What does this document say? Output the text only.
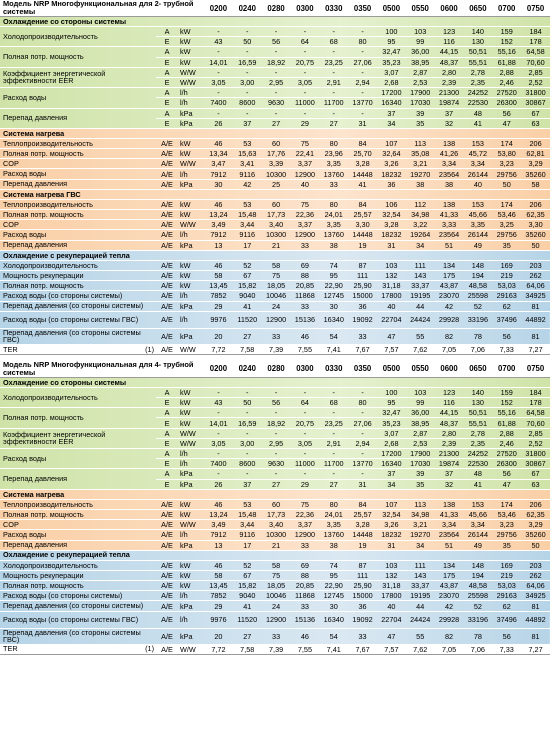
Модель NRP Многофункциональная для 2- трубной системы			0200	0240	0280	0300	0330	0350	0500	0550	0600	0650	0700	0750
Охлаждение со стороны системы														
Холодопроизводительность	A	kW	-	-	-	-	-	-	100	103	123	140	159	184
	E	kW	43	50	56	64	68	80	95	99	116	130	152	178
Полная потр. мощность	A	kW	-	-	-	-	-	-	32,47	36,00	44,15	50,51	55,16	64,58
	E	kW	14,01	16,59	18,92	20,75	23,25	27,06	35,23	38,95	48,37	55,51	61,88	70,60
Коэффициент энергетической эффективности EER	A	W/W	-	-	-	-	-	-	3,07	2,87	2,80	2,78	2,88	2,85
	E	W/W	3,05	3,00	2,95	3,05	2,91	2,94	2,68	2,53	2,39	2,35	2,46	2,52
Расход воды	A	l/h	-	-	-	-	-	-	17200	17900	21300	24252	27520	31800
	E	l/h	7400	8600	9630	11000	11700	13770	16340	17030	19874	22530	26300	30867
Перепад давления	A	kPa	-	-	-	-	-	-	37	39	37	48	56	67
	E	kPa	26	37	27	29	27	31	34	35	32	41	47	63
Система нагрева														
Теплопроизводительность	A/E	kW	46	53	60	75	80	84	107	113	138	153	174	206
Полная потр. мощность	A/E	kW	13,34	15,63	17,76	22,41	23,96	25,70	32,64	35,08	41,26	45,72	53,80	62,81
COP	A/E	W/W	3,47	3,41	3,39	3,37	3,35	3,28	3,26	3,21	3,34	3,34	3,23	3,29
Расход воды	A/E	l/h	7912	9116	10300	12900	13760	14448	18232	19270	23564	26144	29756	35260
Перепад давления	A/E	kPa	30	42	25	40	33	41	36	38	38	40	50	58
Система нагрева ГВС														
Теплопроизводительность	A/E	kW	46	53	60	75	80	84	106	112	138	153	174	206
Полная потр. мощность	A/E	kW	13,24	15,48	17,73	22,36	24,01	25,57	32,54	34,98	41,33	45,66	53,46	62,35
COP	A/E	W/W	3,49	3,44	3,40	3,37	3,35	3,30	3,28	3,22	3,33	3,35	3,25	3,30
Расход воды	A/E	l/h	7912	9116	10300	12900	13760	14448	18232	19264	23564	26144	29756	35260
Перепад давления	A/E	kPa	13	17	21	33	38	19	31	34	51	49	35	50
Охлаждение с рекуперацией тепла														
Холодопроизводительность	A/E	kW	46	52	58	69	74	87	103	111	134	148	169	203
Мощность рекуперации	A/E	kW	58	67	75	88	95	111	132	143	175	194	219	262
Полная потр. мощность	A/E	kW	13,45	15,82	18,05	20,85	22,90	25,90	31,18	33,37	43,87	48,58	53,03	64,06
Расход воды (со стороны системы)	A/E	l/h	7852	9040	10046	11868	12745	15000	17800	19195	23070	25598	29163	34925
Перепад давления (со стороны системы)	A/E	kPa	29	41	24	33	30	36	40	44	42	52	62	81
Расход воды (со стороны системы ГВС)	A/E	l/h	9976	11520	12900	15136	16340	19092	22704	24424	29928	33196	37496	44892
Перепад давления (со стороны системы ГВС)	A/E	kPa	20	27	33	46	54	33	47	55	82	78	56	81
TER (1)	A/E	W/W	7,72	7,58	7,39	7,55	7,41	7,67	7,57	7,62	7,05	7,06	7,33	7,27
Модель NRP Многофункциональная для 4- трубной системы			0200	0240	0280	0300	0330	0350	0500	0550	0600	0650	0700	0750
Охлаждение со стороны системы														
Холодопроизводительность	A	kW	-	-	-	-	-	-	100	103	123	140	159	184
	E	kW	43	50	56	64	68	80	95	99	116	130	152	178
Полная потр. мощность	A	kW	-	-	-	-	-	-	32,47	36,00	44,15	50,51	55,16	64,58
	E	kW	14,01	16,59	18,92	20,75	23,25	27,06	35,23	38,95	48,37	55,51	61,88	70,60
Коэффициент энергетической эффективности EER	A	W/W	-	-	-	-	-	-	3,07	2,87	2,80	2,78	2,88	2,85
	E	W/W	3,05	3,00	2,95	3,05	2,91	2,94	2,68	2,53	2,39	2,35	2,46	2,52
Расход воды	A	l/h	-	-	-	-	-	-	17200	17900	21300	24252	27520	31800
	E	l/h	7400	8600	9630	11000	11700	13770	16340	17030	19874	22530	26300	30867
Перепад давления	A	kPa	-	-	-	-	-	-	37	39	37	48	56	67
	E	kPa	26	37	27	29	27	31	34	35	32	41	47	63
Система нагрева														
Теплопроизводительность	A/E	kW	46	53	60	75	80	84	107	113	138	153	174	206
Полная потр. мощность	A/E	kW	13,24	15,48	17,73	22,36	24,01	25,57	32,54	34,98	41,33	45,66	53,46	62,35
COP	A/E	W/W	3,49	3,44	3,40	3,37	3,35	3,28	3,26	3,21	3,34	3,34	3,23	3,29
Расход воды	A/E	l/h	7912	9116	10300	12900	13760	14448	18232	19270	23564	26144	29756	35260
Перепад давления	A/E	kPa	13	17	21	33	38	19	31	34	51	49	35	50
Охлаждение с рекуперацией тепла														
Холодопроизводительность	A/E	kW	46	52	58	69	74	87	103	111	134	148	169	203
Мощность рекуперации	A/E	kW	58	67	75	88	95	111	132	143	175	194	219	262
Полная потр. мощность	A/E	kW	13,45	15,82	18,05	20,85	22,90	25,90	31,18	33,37	43,87	48,58	53,03	64,06
Расход воды (со стороны системы)	A/E	l/h	7852	9040	10046	11868	12745	15000	17800	19195	23070	25598	29163	34925
Перепад давления (со стороны системы)	A/E	kPa	29	41	24	33	30	36	40	44	42	52	62	81
Расход воды (со стороны системы ГВС)	A/E	l/h	9976	11520	12900	15136	16340	19092	22704	24424	29928	33196	37496	44892
Перепад давления (со стороны системы ГВС)	A/E	kPa	20	27	33	46	54	33	47	55	82	78	56	81
TER (1)	A/E	W/W	7,72	7,58	7,39	7,55	7,41	7,67	7,57	7,62	7,05	7,06	7,33	7,27
